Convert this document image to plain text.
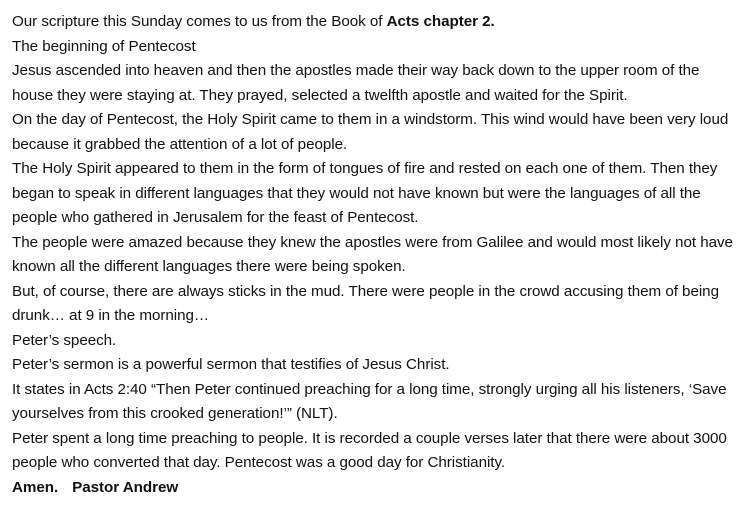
Our scripture this Sunday comes to us from the Book of Acts chapter 2.

The beginning of Pentecost

Jesus ascended into heaven and then the apostles made their way back down to the upper room of the house they were staying at. They prayed, selected a twelfth apostle and waited for the Spirit.

On the day of Pentecost, the Holy Spirit came to them in a windstorm. This wind would have been very loud because it grabbed the attention of a lot of people.

The Holy Spirit appeared to them in the form of tongues of fire and rested on each one of them. Then they began to speak in different languages that they would not have known but were the languages of all the people who gathered in Jerusalem for the feast of Pentecost.

The people were amazed because they knew the apostles were from Galilee and would most likely not have known all the different languages there were being spoken.

But, of course, there are always sticks in the mud. There were people in the crowd accusing them of being drunk… at 9 in the morning…

Peter’s speech.

Peter’s sermon is a powerful sermon that testifies of Jesus Christ.

It states in Acts 2:40 “Then Peter continued preaching for a long time, strongly urging all his listeners, ‘Save yourselves from this crooked generation!’” (NLT).

Peter spent a long time preaching to people. It is recorded a couple verses later that there were about 3000 people who converted that day. Pentecost was a good day for Christianity.

Amen. Pastor Andrew
